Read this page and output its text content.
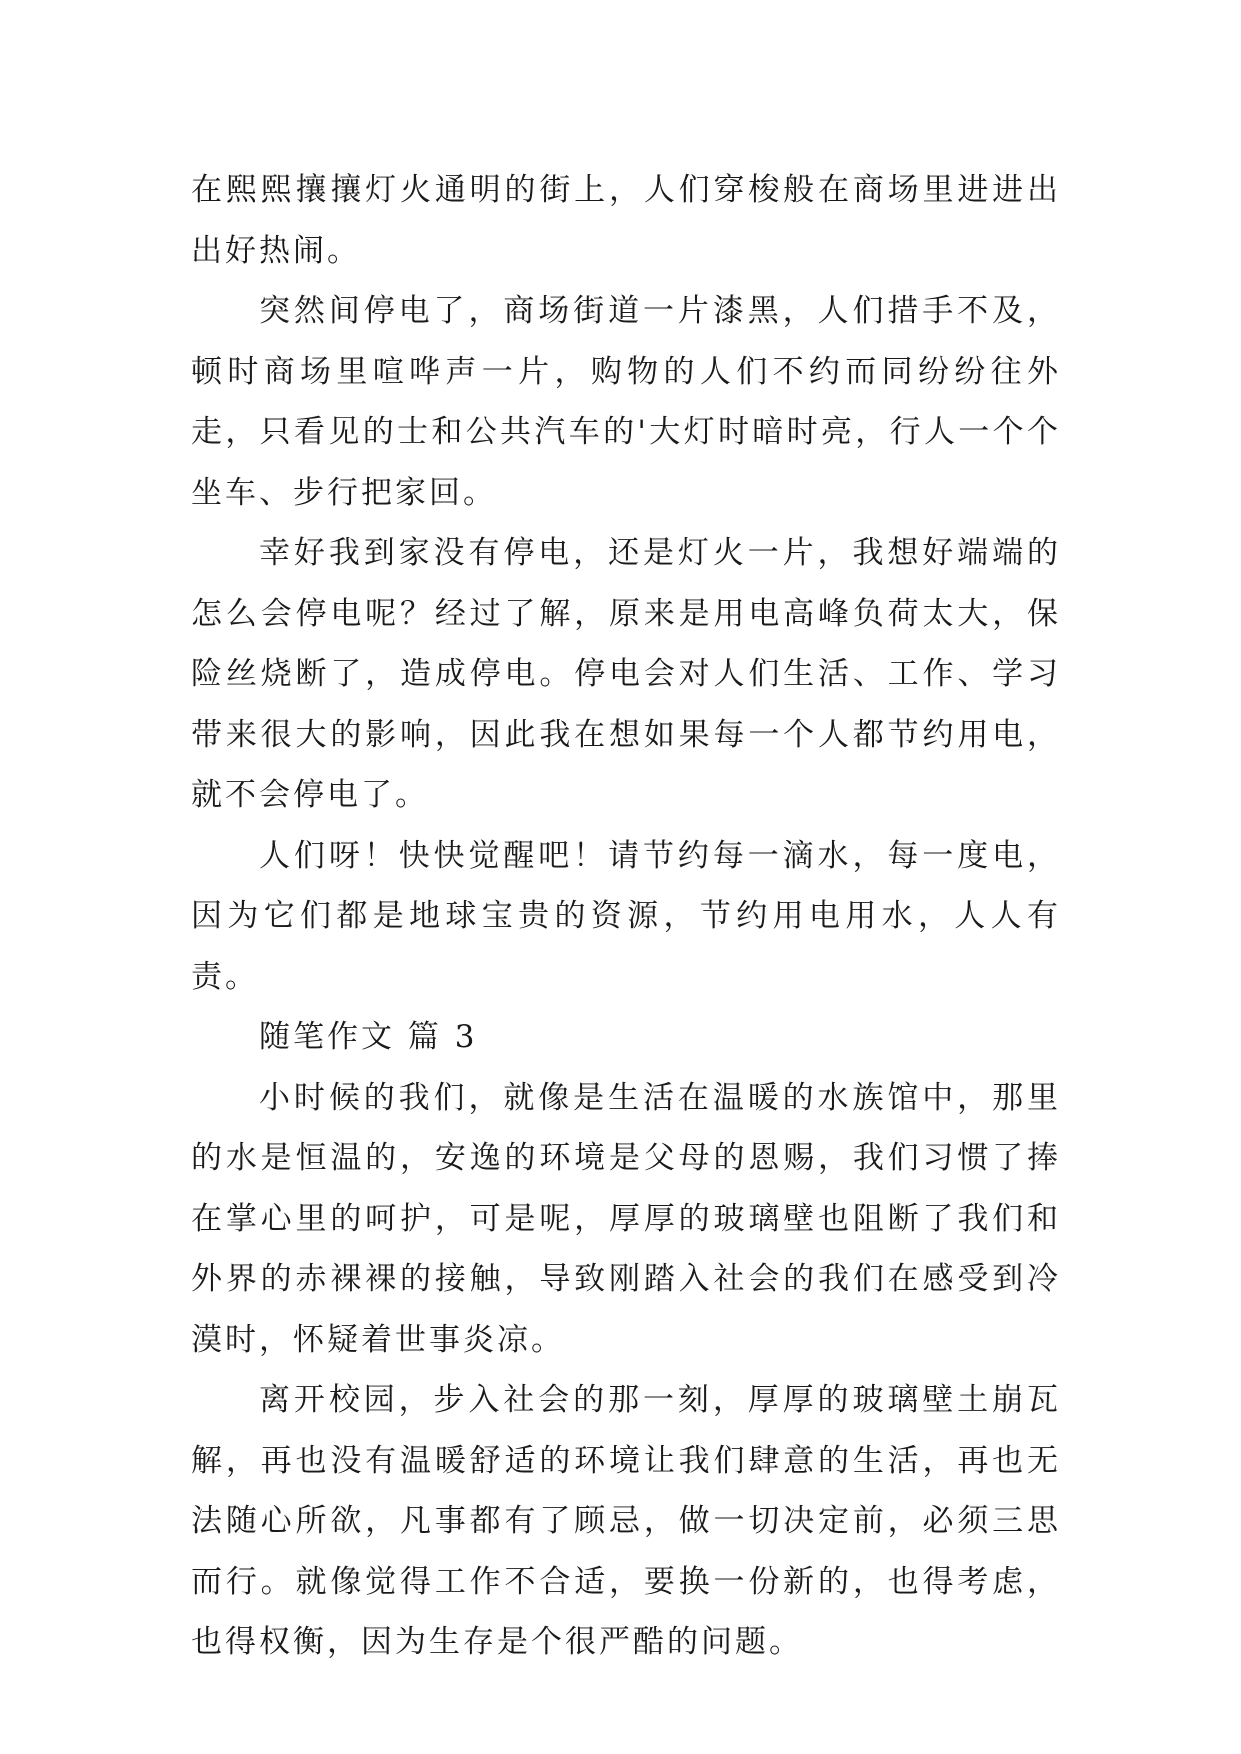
在熙熙攘攘灯火通明的街上，人们穿梭般在商场里进进出出好热闹。

突然间停电了，商场街道一片漆黑，人们措手不及，顿时商场里喧哗声一片，购物的人们不约而同纷纷往外走，只看见的士和公共汽车的'大灯时暗时亮，行人一个个坐车、步行把家回。

幸好我到家没有停电，还是灯火一片，我想好端端的怎么会停电呢？经过了解，原来是用电高峰负荷太大，保险丝烧断了，造成停电。停电会对人们生活、工作、学习带来很大的影响，因此我在想如果每一个人都节约用电，就不会停电了。

人们呀！快快觉醒吧！请节约每一滴水，每一度电，因为它们都是地球宝贵的资源，节约用电用水，人人有责。

随笔作文 篇 3

小时候的我们，就像是生活在温暖的水族馆中，那里的水是恒温的，安逸的环境是父母的恩赐，我们习惯了捧在掌心里的呵护，可是呢，厚厚的玻璃壁也阻断了我们和外界的赤裸裸的接触，导致刚踏入社会的我们在感受到冷漠时，怀疑着世事炎凉。

离开校园，步入社会的那一刻，厚厚的玻璃壁土崩瓦解，再也没有温暖舒适的环境让我们肆意的生活，再也无法随心所欲，凡事都有了顾忌，做一切决定前，必须三思而行。就像觉得工作不合适，要换一份新的，也得考虑，也得权衡，因为生存是个很严酷的问题。
